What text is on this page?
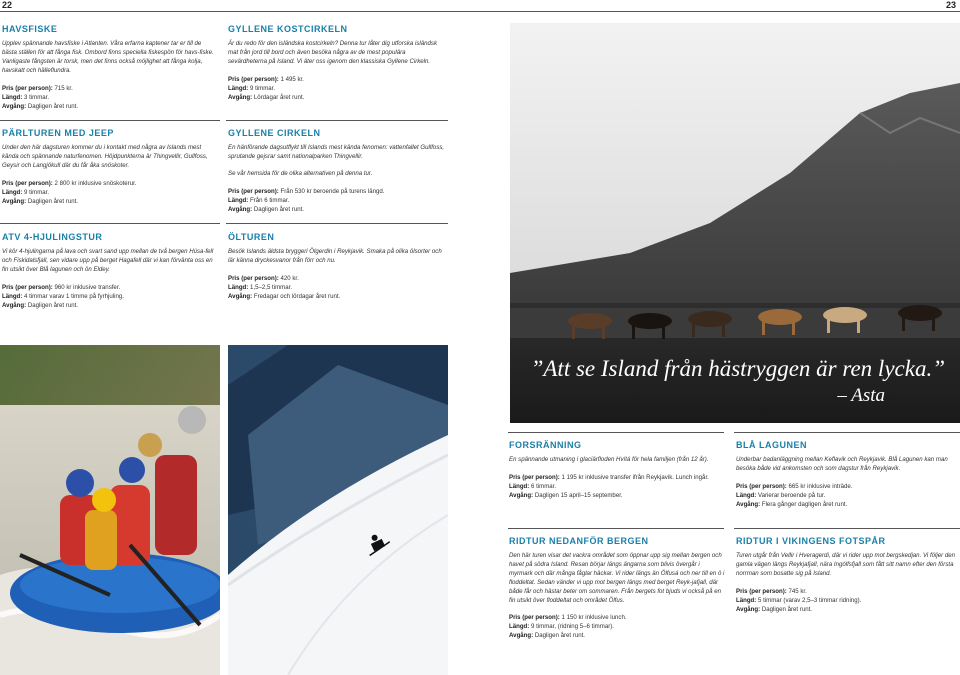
22	23
HAVSFISKE

Upplev spännande havsfiske i Atlanten. Våra erfarna kaptener tar er till de bästa ställen för att fånga fisk. Ombord finns speciella fiskespön för havs-fiske. Vanligaste fångsten är torsk, men det finns också möjlighet att fånga kolja, havskatt och hälleflundra.

Pris (per person): 715 kr.

Längd: 3 timmar.

Avgång: Dagligen året runt.

PÄRLTUREN MED JEEP

Under den här dagsturen kommer du i kontakt med några av Islands mest kända och spännande naturfenomen. Höjdpunkterna är Thingvellir, Gullfoss, Geysir och Langjökull där du får åka snöskoter.

Pris (per person): 2 800 kr inklusive snöskoterur.

Längd: 9 timmar.

Avgång: Dagligen året runt.

ATV 4-HJULINGSTUR

Vi kör 4-hjulingarna på lava och svart sand upp mellan de två bergen Húsa-fell och Fiskidalsfjall, sen vidare upp på berget Hagafell där vi kan förvänta oss en fin utsikt över Blå lagunen och ön Eldey.

Pris (per person): 960 kr inklusive transfer.

Längd: 4 timmar varav 1 timme på fyrhjuling.

Avgång: Dagligen året runt.

GYLLENE KOSTCIRKELN

Är du redo för den isländska kostcirkeln? Denna tur låter dig utforska isländsk mat från jord till bord och även besöka några av de mest populära sevärdheterna på Island. Vi äter oss igenom den klassiska Gyllene Cirkeln.

Pris (per person): 1 495 kr.

Längd: 9 timmar.

Avgång: Lördagar året runt.

GYLLENE CIRKELN

En hänförande dagsutflykt till Islands mest kända fenomen: vattenfallet Gullfoss, sprutande gejsrar samt nationalparken Thingvellir.

Se vår hemsida för de olika alternativen på denna tur.

Pris (per person): Från 530 kr beroende på turens längd.

Längd: Från 6 timmar.

Avgång: Dagligen året runt.

ÖLTUREN

Besök Islands äldsta bryggeri Ölgerdin i Reykjavik. Smaka på olika ölsorter och lär känna dryckesvanor från förr och nu.

Pris (per person): 420 kr.

Längd: 1,5–2,5 timmar.

Avgång: Fredagar och lördagar året runt.

”Att se Island från hästryggen är ren lycka.”
– Asta
FORSRÄNNING

En spännande utmaning i glaciärfloden Hvítá för hela familjen (från 12 år).

Pris (per person): 1 195 kr inklusive transfer ifrån Reykjavik. Lunch ingår.

Längd: 6 timmar.

Avgång: Dagligen 15 april–15 september.

BLÅ LAGUNEN

Underbar badanläggning mellan Keflavik och Reykjavik. Blå Lagunen kan man besöka både vid ankomsten och som dagstur från Reykjavik.

Pris (per person): 665 kr inklusive inträde.

Längd: Varierar beroende på tur.

Avgång: Flera gånger dagligen året runt.

RIDTUR NEDANFÖR BERGEN

Den här turen visar det vackra området som öppnar upp sig mellan bergen och havet på södra Island. Resan börjar längs ängarna som blivis övergår i myrmark och där många fåglar häckar. Vi rider längs än Ölfusá och ner till en ö i floddeltat. Sedan vänder vi upp mot bergen längs med berget Reyk-jafjall, där både får och hästar beter om sommaren. Från bergets fot bjuds vi också på en fin utsikt över floddeltat och området Ölfus.

Pris (per person): 1 150 kr inklusive lunch.

Längd: 9 timmar, (ridning 5–6 timmar).

Avgång: Dagligen året runt.

RIDTUR I VIKINGENS FOTSPÅR

Turen utgår från Vellir i Hveragerdi, där vi rider upp mot bergskedjan. Vi följer den gamla vägen längs Reykjafjall, nära Ingólfsfjall som fått sitt namn efter den första norrman som bosatte sig på Island.

Pris (per person): 745 kr.

Längd: 5 timmar (varav 2,5–3 timmar ridning).

Avgång: Dagligen året runt.
